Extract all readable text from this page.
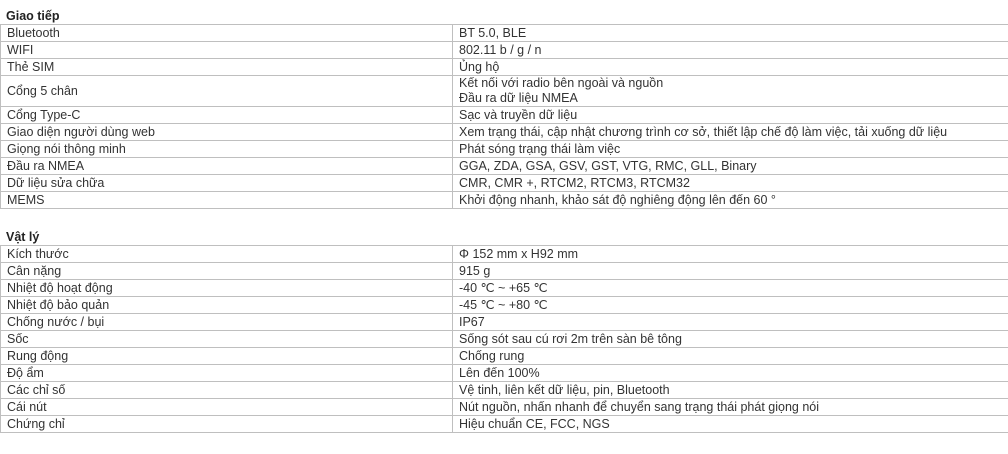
Giao tiếp
Bluetooth	BT 5.0, BLE

WIFI	802.11 b / g / n

Thẻ SIM	Ủng hộ

Cổng 5 chân	Kết nối với radio bên ngoài và nguồn
Đầu ra dữ liệu NMEA

Cổng Type-C	Sạc và truyền dữ liệu

Giao diện người dùng web	Xem trạng thái, cập nhật chương trình cơ sở, thiết lập chế độ làm việc, tải xuống dữ liệu

Giọng nói thông minh	Phát sóng trạng thái làm việc

Đầu ra NMEA	GGA, ZDA, GSA, GSV, GST, VTG, RMC, GLL, Binary

Dữ liệu sửa chữa	CMR, CMR +, RTCM2, RTCM3, RTCM32

MEMS	Khởi động nhanh, khảo sát độ nghiêng động lên đến 60 °
Vật lý
Kích thước	Φ 152 mm x H92 mm

Cân nặng	915 g

Nhiệt độ hoạt động	-40 ℃ ~ +65 ℃

Nhiệt độ bảo quản	-45 ℃ ~ +80 ℃

Chống nước / bụi	IP67

Sốc	Sống sót sau cú rơi 2m trên sàn bê tông

Rung động	Chống rung

Độ ẩm	Lên đến 100%

Các chỉ số	Vệ tinh, liên kết dữ liệu, pin, Bluetooth

Cái nút	Nút nguồn, nhấn nhanh để chuyển sang trạng thái phát giọng nói

Chứng chỉ	Hiệu chuẩn CE, FCC, NGS
